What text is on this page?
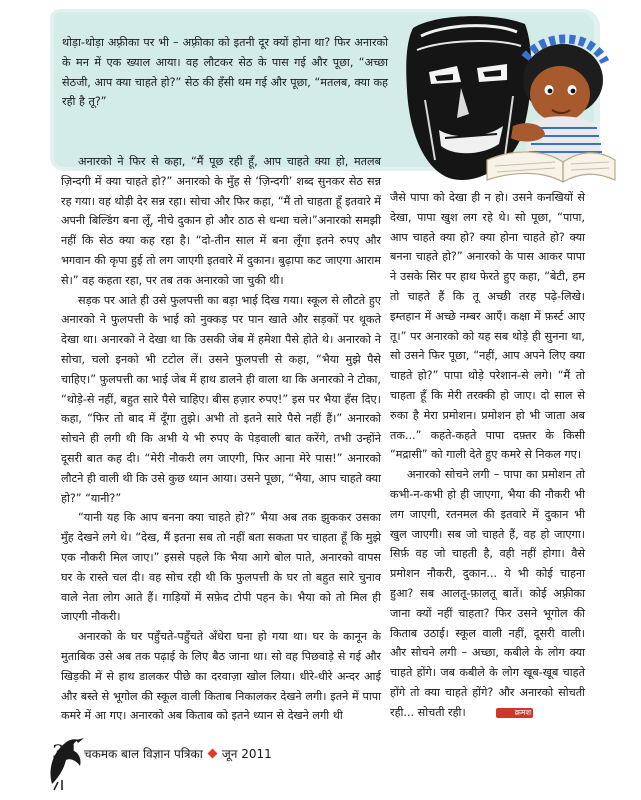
थोड़ा-थोड़ा अफ़्रीका पर भी – अफ़्रीका को इतनी दूर क्यों होना था? फिर अनारको के मन में एक ख्याल आया। वह लौटकर सेठ के पास गई और पूछा, “अच्छा सेठजी, आप क्या चाहते हो?” सेठ की हँसी थम गई और पूछा, “मतलब, क्या कह रही है तू?”

अनारको ने फिर से कहा, “मैं पूछ रही हूँ, आप चाहते क्या हो, मतलब ज़िन्दगी में क्या चाहते हो?” अनारको के मुँह से ‘ज़िन्दगी’ शब्द सुनकर सेठ सन्न रह गया। वह थोड़ी देर सन्न रहा। सोचा और फिर कहा, “मैं तो चाहता हूँ इतवारे में अपनी बिल्डिंग बना लूँ, नीचे दुकान हो और ठाठ से धन्धा चले।”अनारको समझी नहीं कि सेठ क्या कह रहा है। “दो-तीन साल में बना लूँगा इतने रुपए और भगवान की कृपा हुई तो लग जाएगी इतवारे में दुकान। बुढ़ापा कट जाएगा आराम से।” वह कहता रहा, पर तब तक अनारको जा चुकी थी।

सड़क पर आते ही उसे फुलपत्ती का बड़ा भाई दिख गया। स्कूल से लौटते हुए अनारको ने फुलपत्ती के भाई को नुक्कड़ पर पान खाते और सड़कों पर थूकते देखा था। अनारको ने देखा था कि उसकी जेब में हमेशा पैसे होते थे। अनारको ने सोचा, चलो इनको भी टटोल लें। उसने फुलपत्ती से कहा, “भैया मुझे पैसे चाहिए।” फुलपत्ती का भाई जेब में हाथ डालने ही वाला था कि अनारको ने टोका, “थोड़े-से नहीं, बहुत सारे पैसे चाहिए। बीस हज़ार रुपए!” इस पर भैया हँस दिए। कहा, “फिर तो बाद में दूँगा तुझे। अभी तो इतने सारे पैसे नहीं हैं।” अनारको सोचने ही लगी थी कि अभी ये भी रुपए के पेड़वाली बात करेंगे, तभी उन्होंने दूसरी बात कह दी। “मेरी नौकरी लग जाएगी, फिर आना मेरे पास!” अनारको लौटने ही वाली थी कि उसे कुछ ध्यान आया। उसने पूछा, “भैया, आप चाहते क्या हो?” “यानी?”

“यानी यह कि आप बनना क्या चाहते हो?” भैया अब तक झुककर उसका मुँह देखने लगे थे। “देख, मैं इतना सब तो नहीं बता सकता पर चाहता हूँ कि मुझे एक नौकरी मिल जाए।” इससे पहले कि भैया आगे बोल पाते, अनारको वापस घर के रास्ते चल दी। वह सोच रही थी कि फुलपत्ती के घर तो बहुत सारे चुनाव वाले नेता लोग आते हैं। गाड़ियों में सफ़ेद टोपी पहन के। भैया को तो मिल ही जाएगी नौकरी।

अनारको के घर पहुँचते-पहुँचते अँधेरा घना हो गया था। घर के कानून के मुताबिक उसे अब तक पढ़ाई के लिए बैठ जाना था। सो वह पिछवाड़े से गई और खिड़की में से हाथ डालकर पीछे का दरवाज़ा खोल लिया। धीरे-धीरे अन्दर आई और बस्ते से भूगोल की स्कूल वाली किताब निकालकर देखने लगी। इतने में पापा कमरे में आ गए। अनारको अब किताब को इतने ध्यान से देखने लगी थी

जैसे पापा को देखा ही न हो। उसने कनखियों से देखा, पापा खुश लग रहे थे। सो पूछा, “पापा, आप चाहते क्या हो? क्या होना चाहते हो? क्या बनना चाहते हो?” अनारको के पास आकर पापा ने उसके सिर पर हाथ फेरते हुए कहा, “बेटी, हम तो चाहते हैं कि तू अच्छी तरह पढ़े-लिखे। इम्तहान में अच्छे नम्बर आएँ। कक्षा में फ़र्स्ट आए तू।” पर अनारको को यह सब थोड़े ही सुनना था, सो उसने फिर पूछा, “नहीं, आप अपने लिए क्या चाहते हो?” पापा थोड़े परेशान-से लगे। “मैं तो चाहता हूँ कि मेरी तरक्की हो जाए। दो साल से रुका है मेरा प्रमोशन। प्रमोशन हो भी जाता अब तक...” कहते-कहते पापा दफ़्तर के किसी “मद्रासी” को गाली देते हुए कमरे से निकल गए।

अनारको सोचने लगी – पापा का प्रमोशन तो कभी-न-कभी हो ही जाएगा, भैया की नौकरी भी लग जाएगी, रतनमल की इतवारे में दुकान भी खुल जाएगी। सब जो चाहते हैं, वह हो जाएगा। सिर्फ़ वह जो चाहती है, वही नहीं होगा। वैसे प्रमोशन नौकरी, दुकान... ये भी कोई चाहना हुआ? सब आलतू-फ़ालतू बातें। कोई अफ़्रीका जाना क्यों नहीं चाहता? फिर उसने भूगोल की किताब उठाई। स्कूल वाली नहीं, दूसरी वाली। और सोचने लगी – अच्छा, कबीले के लोग क्या चाहते होंगे। जब कबीले के लोग खूब-खूब चाहते होंगे तो क्या चाहते होंगे? और अनारको सोचती रही... सोचती रही।	क्रमश

34 चकमक बाल विज्ञान पत्रिका जून 2011
